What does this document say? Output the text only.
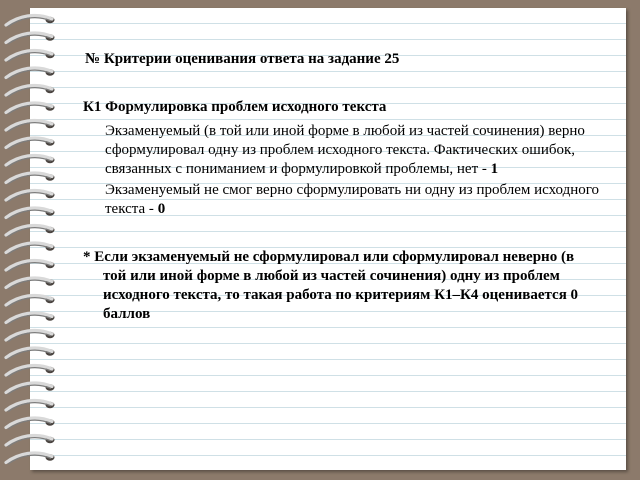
№ Критерии оценивания ответа на задание 25
К1 Формулировка проблем исходного текста
Экзаменуемый (в той или иной форме в любой из частей сочинения) верно сформулировал одну из проблем исходного текста. Фактических ошибок, связанных с пониманием и формулировкой проблемы, нет - 1
Экзаменуемый не смог верно сформулировать ни одну из проблем исходного текста - 0
* Если экзаменуемый не сформулировал или сформулировал неверно (в
той или иной форме в любой из частей сочинения) одну из проблем исходного текста, то такая работа по критериям К1–К4 оценивается 0 баллов
